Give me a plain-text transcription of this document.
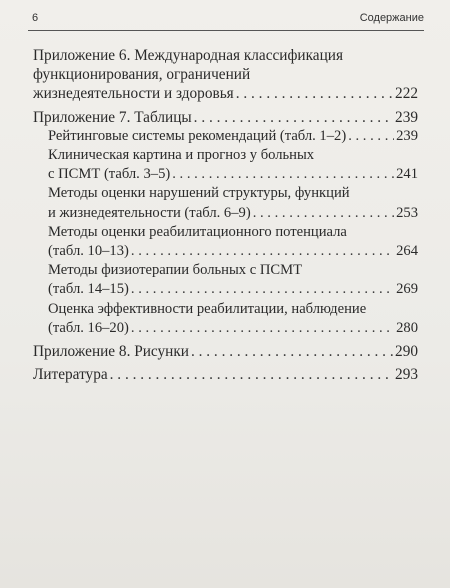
6	Содержание
Приложение 6. Международная классификация
функционирования, ограничений
жизнедеятельности и здоровья . . .	222
Приложение 7. Таблицы . . .	239
Рейтинговые системы рекомендаций (табл. 1–2) . . .	239
Клиническая картина и прогноз у больных
с ПСМТ (табл. 3–5) . . .	241
Методы оценки нарушений структуры, функций
и жизнедеятельности (табл. 6–9) . . .	253
Методы оценки реабилитационного потенциала
(табл. 10–13) . . .	264
Методы физиотерапии больных с ПСМТ
(табл. 14–15) . . .	269
Оценка эффективности реабилитации, наблюдение
(табл. 16–20) . . .	280
Приложение 8. Рисунки . . .	290
Литература . . .	293
